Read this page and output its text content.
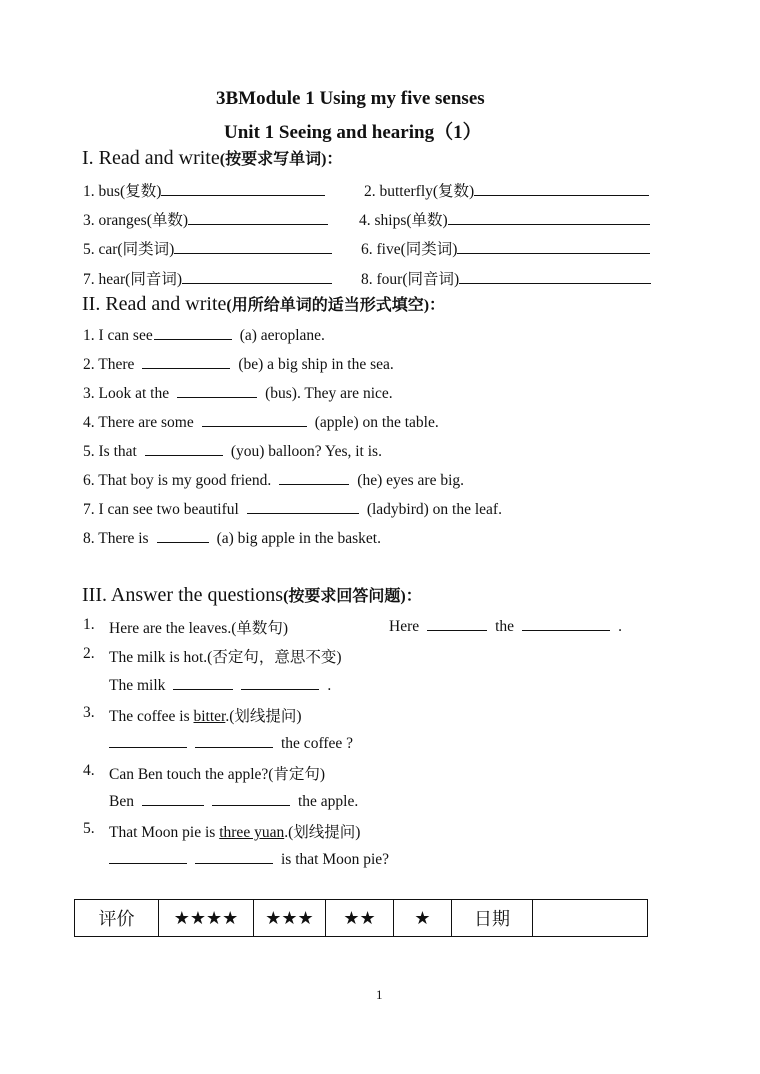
3BModule 1 Using my five senses
Unit 1 Seeing and hearing（1）
I. Read and write(按要求写单词)：
1. bus(复数)	2. butterfly(复数)
3. oranges(单数)	4. ships(单数)
5. car(同类词)	6. five(同类词)
7. hear(同音词)	8. four(同音词)
II. Read and write(用所给单词的适当形式填空)：
1. I can see	(a) aeroplane.
2. There	(be) a big ship in the sea.
3. Look at the	(bus). They are nice.
4. There are some	(apple) on the table.
5. Is that	(you) balloon? Yes, it is.
6. That boy is my good friend.	(he) eyes are big.
7. I can see two beautiful	(ladybird) on the leaf.
8. There is	(a) big apple in the basket.
III. Answer the questions(按要求回答问题)：
1. Here are the leaves.(单数句)	Here	the	.
2. The milk is hot.(否定句，意思不变)
The milk	.
3. The coffee is bitter.(划线提问)
the coffee ?
4. Can Ben touch the apple?(肯定句)
Ben	the apple.
5. That Moon pie is three yuan.(划线提问)
is that Moon pie?
评价	★★★★	★★★	★★	★	日期	
1
